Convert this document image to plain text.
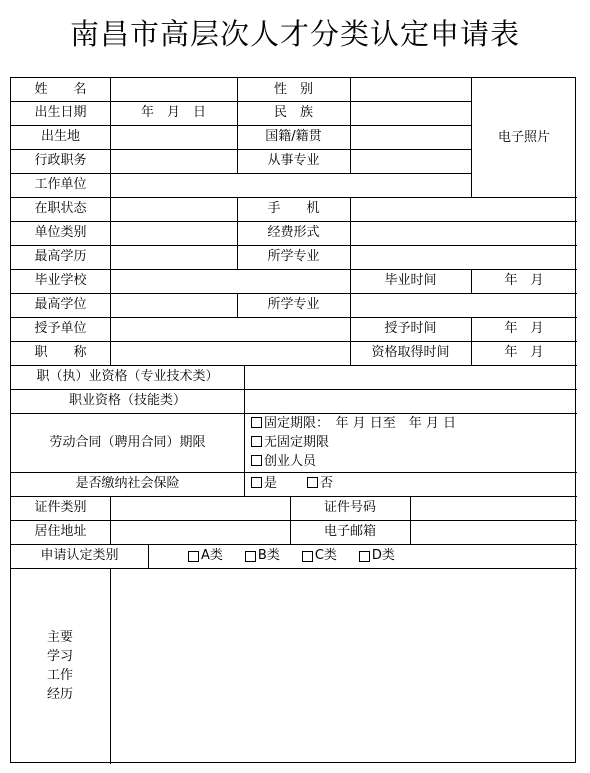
南昌市高层次人才分类认定申请表
姓　　名	性　别
电子照片
出生日期	年　月　日	民　族
出生地	国籍/籍贯
行政职务	从事专业
工作单位
在职状态	手　　机
单位类别	经费形式
最高学历	所学专业
毕业学校	毕业时间	年　月
最高学位	所学专业
授予单位	授予时间	年　月
职　　称	资格取得时间	年　月
职（执）业资格（专业技术类）
职业资格（技能类）
劳动合同（聘用合同）期限
固定期限：　年 月 日至　年 月 日
无固定期限
创业人员
是否缴纳社会保险	是	否
证件类别	证件号码
居住地址	电子邮箱
申请认定类别	A类	B类	C类	D类
主要
学习
工作
经历
